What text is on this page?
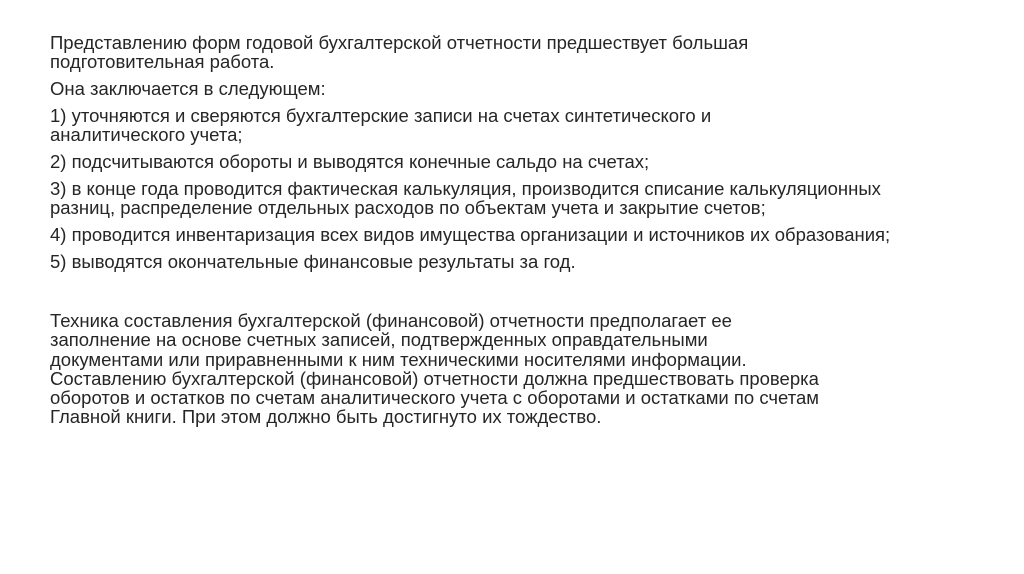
Представлению форм годовой бухгалтерской отчетности предшествует большая подготовительная работа.

Она заключается в следующем:

1) уточняются и сверяются бухгалтерские записи на счетах синтетического и аналитического учета;

2) подсчитываются обороты и выводятся конечные сальдо на счетах;

3) в конце года проводится фактическая калькуляция, производится списание калькуляционных разниц, распределение отдельных расходов по объектам учета и закрытие счетов;

4) проводится инвентаризация всех видов имущества организации и источников их образования;

5) выводятся окончательные финансовые результаты за год.

Техника составления бухгалтерской (финансовой) отчетности предполагает ее
заполнение на основе счетных записей, подтвержденных оправдательными
документами или приравненными к ним техническими носителями информации.
Составлению бухгалтерской (финансовой) отчетности должна предшествовать проверка
оборотов и остатков по счетам аналитического учета с оборотами и остатками по счетам
Главной книги. При этом должно быть достигнуто их тождество.
